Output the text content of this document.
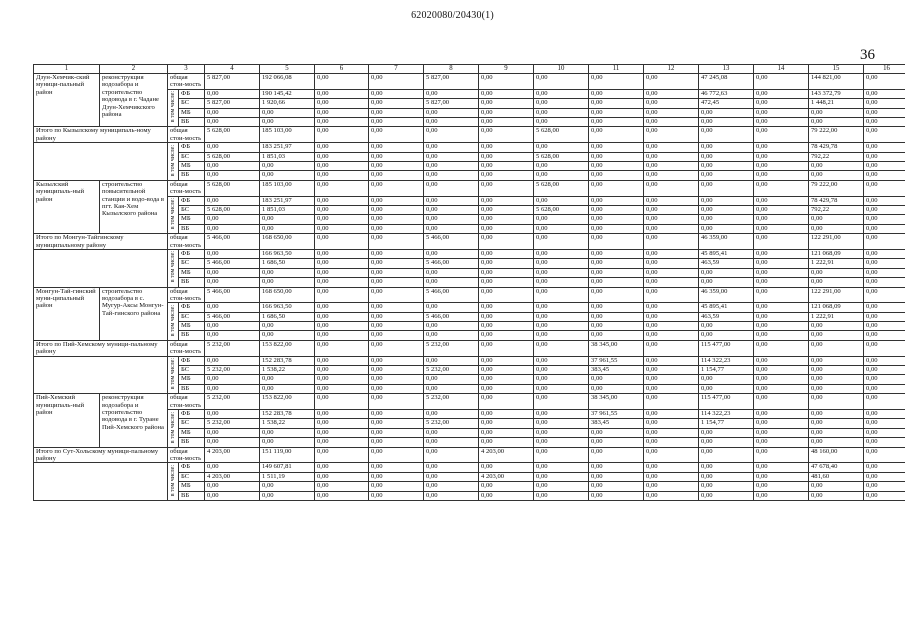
62020080/20430(1)
36
1	2	3		4	5	6	7	8	9	10	11	12	13	14	15	16	
Дзун-Хемчик-ский муници-пальный район	реконструкция водозабора и строительство водовода в г. Чадане Дзун-Хемчикского района	общая стои-мость		5 827,00	192 066,08	0,00	0,00	5 827,00	0,00	0,00	0,00	0,00	47 245,08	0,00	144 821,00	0,00	
		в том числе:	ФБ	0,00	190 145,42	0,00	0,00	0,00	0,00	0,00	0,00	0,00	46 772,63	0,00	143 372,79	0,00	
			БС	5 827,00	1 920,66	0,00	0,00	5 827,00	0,00	0,00	0,00	0,00	472,45	0,00	1 448,21	0,00	
			МБ	0,00	0,00	0,00	0,00	0,00	0,00	0,00	0,00	0,00	0,00	0,00	0,00	0,00	
			ВБ	0,00	0,00	0,00	0,00	0,00	0,00	0,00	0,00	0,00	0,00	0,00	0,00	0,00	
Итого по Кызылскому муниципаль-ному району		общая стои-мость		5 628,00	185 103,00	0,00	0,00	0,00	0,00	5 628,00	0,00	0,00	0,00	0,00	79 222,00	0,00	
		в том числе:	ФБ	0,00	183 251,97	0,00	0,00	0,00	0,00	0,00	0,00	0,00	0,00	0,00	78 429,78	0,00	
			БС	5 628,00	1 851,03	0,00	0,00	0,00	0,00	5 628,00	0,00	0,00	0,00	0,00	792,22	0,00	
			МБ	0,00	0,00	0,00	0,00	0,00	0,00	0,00	0,00	0,00	0,00	0,00	0,00	0,00	
			ВБ	0,00	0,00	0,00	0,00	0,00	0,00	0,00	0,00	0,00	0,00	0,00	0,00	0,00	
Кызылский муниципаль-ный район	строительство повысительной станции и водо-вода в пгт. Кая-Хем Кызылского района	общая стои-мость		5 628,00	185 103,00	0,00	0,00	0,00	0,00	5 628,00	0,00	0,00	0,00	0,00	79 222,00	0,00	
		в том числе:	ФБ	0,00	183 251,97	0,00	0,00	0,00	0,00	0,00	0,00	0,00	0,00	0,00	78 429,78	0,00	
			БС	5 628,00	1 851,03	0,00	0,00	0,00	0,00	5 628,00	0,00	0,00	0,00	0,00	792,22	0,00	
			МБ	0,00	0,00	0,00	0,00	0,00	0,00	0,00	0,00	0,00	0,00	0,00	0,00	0,00	
			ВБ	0,00	0,00	0,00	0,00	0,00	0,00	0,00	0,00	0,00	0,00	0,00	0,00	0,00	
Итого по Монгун-Тайгинскому муниципальному району		общая стои-мость		5 466,00	168 650,00	0,00	0,00	5 466,00	0,00	0,00	0,00	0,00	46 359,00	0,00	122 291,00	0,00	
		в том числе:	ФБ	0,00	166 963,50	0,00	0,00	0,00	0,00	0,00	0,00	0,00	45 895,41	0,00	121 068,09	0,00	
			БС	5 466,00	1 686,50	0,00	0,00	5 466,00	0,00	0,00	0,00	0,00	463,59	0,00	1 222,91	0,00	
			МБ	0,00	0,00	0,00	0,00	0,00	0,00	0,00	0,00	0,00	0,00	0,00	0,00	0,00	
			ВБ	0,00	0,00	0,00	0,00	0,00	0,00	0,00	0,00	0,00	0,00	0,00	0,00	0,00	
Монгун-Тай-гинский муни-ципальный район	строительство водозабора в с. Мугур-Аксы Монгун-Тай-гинского района	общая стои-мость		5 466,00	168 650,00	0,00	0,00	5 466,00	0,00	0,00	0,00	0,00	46 359,00	0,00	122 291,00	0,00	
		в том числе:	ФБ	0,00	166 963,50	0,00	0,00	0,00	0,00	0,00	0,00	0,00	45 895,41	0,00	121 068,09	0,00	
			БС	5 466,00	1 686,50	0,00	0,00	5 466,00	0,00	0,00	0,00	0,00	463,59	0,00	1 222,91	0,00	
			МБ	0,00	0,00	0,00	0,00	0,00	0,00	0,00	0,00	0,00	0,00	0,00	0,00	0,00	
			ВБ	0,00	0,00	0,00	0,00	0,00	0,00	0,00	0,00	0,00	0,00	0,00	0,00	0,00	
Итого по Пий-Хемскому муници-пальному району		общая стои-мость		5 232,00	153 822,00	0,00	0,00	5 232,00	0,00	0,00	38 345,00	0,00	115 477,00	0,00	0,00	0,00	
		в том числе:	ФБ	0,00	152 283,78	0,00	0,00	0,00	0,00	0,00	37 961,55	0,00	114 322,23	0,00	0,00	0,00	
			БС	5 232,00	1 538,22	0,00	0,00	5 232,00	0,00	0,00	383,45	0,00	1 154,77	0,00	0,00	0,00	
			МБ	0,00	0,00	0,00	0,00	0,00	0,00	0,00	0,00	0,00	0,00	0,00	0,00	0,00	
			ВБ	0,00	0,00	0,00	0,00	0,00	0,00	0,00	0,00	0,00	0,00	0,00	0,00	0,00	
Пий-Хемский муниципаль-ный район	реконструкция водозабора и строительство водовода в г. Туране Пий-Хемского района	общая стои-мость		5 232,00	153 822,00	0,00	0,00	5 232,00	0,00	0,00	38 345,00	0,00	115 477,00	0,00	0,00	0,00	
		в том числе:	ФБ	0,00	152 283,78	0,00	0,00	0,00	0,00	0,00	37 961,55	0,00	114 322,23	0,00	0,00	0,00	
			БС	5 232,00	1 538,22	0,00	0,00	5 232,00	0,00	0,00	383,45	0,00	1 154,77	0,00	0,00	0,00	
			МБ	0,00	0,00	0,00	0,00	0,00	0,00	0,00	0,00	0,00	0,00	0,00	0,00	0,00	
			ВБ	0,00	0,00	0,00	0,00	0,00	0,00	0,00	0,00	0,00	0,00	0,00	0,00	0,00	
Итого по Сут-Хольскому муници-пальному району		общая стои-мость		4 203,00	151 119,00	0,00	0,00	0,00	4 203,00	0,00	0,00	0,00	0,00	0,00	48 160,00	0,00	
		в том числе:	ФБ	0,00	149 607,81	0,00	0,00	0,00	0,00	0,00	0,00	0,00	0,00	0,00	47 678,40	0,00	
			БС	4 203,00	1 511,19	0,00	0,00	0,00	4 203,00	0,00	0,00	0,00	0,00	0,00	481,60	0,00	
			МБ	0,00	0,00	0,00	0,00	0,00	0,00	0,00	0,00	0,00	0,00	0,00	0,00	0,00	
			ВБ	0,00	0,00	0,00	0,00	0,00	0,00	0,00	0,00	0,00	0,00	0,00	0,00	0,00	
